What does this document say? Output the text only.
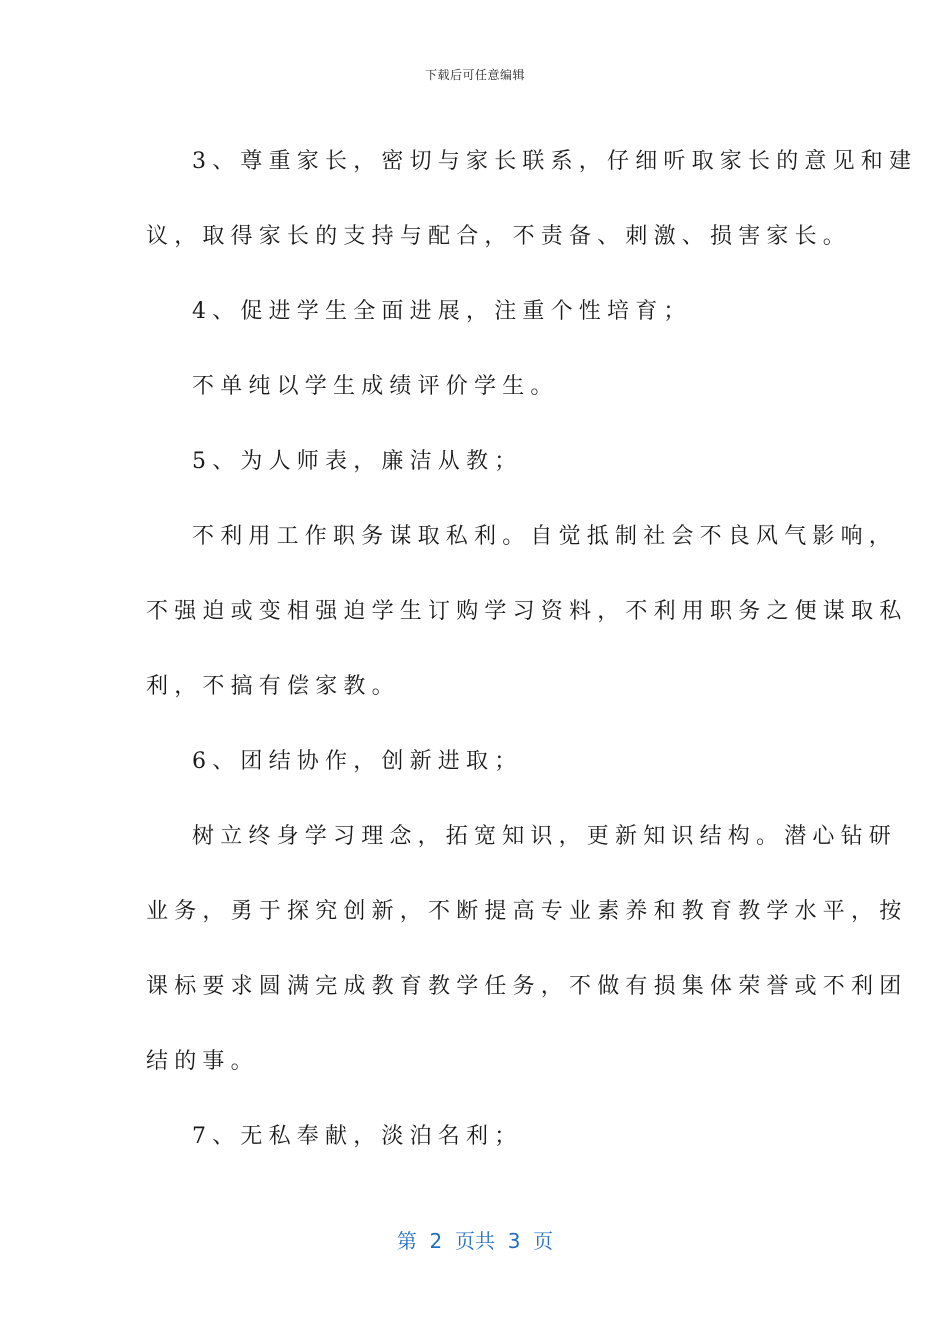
下载后可任意编辑
3、尊重家长，密切与家长联系，仔细听取家长的意见和建
议，取得家长的支持与配合，不责备、刺激、损害家长。
4、促进学生全面进展，注重个性培育；
不单纯以学生成绩评价学生。
5、为人师表，廉洁从教；
不利用工作职务谋取私利。自觉抵制社会不良风气影响，
不强迫或变相强迫学生订购学习资料，不利用职务之便谋取私
利，不搞有偿家教。
6、团结协作，创新进取；
树立终身学习理念，拓宽知识，更新知识结构。潜心钻研
业务，勇于探究创新，不断提高专业素养和教育教学水平，按
课标要求圆满完成教育教学任务，不做有损集体荣誉或不利团
结的事。
7、无私奉献，淡泊名利；
第  2  页共  3  页
